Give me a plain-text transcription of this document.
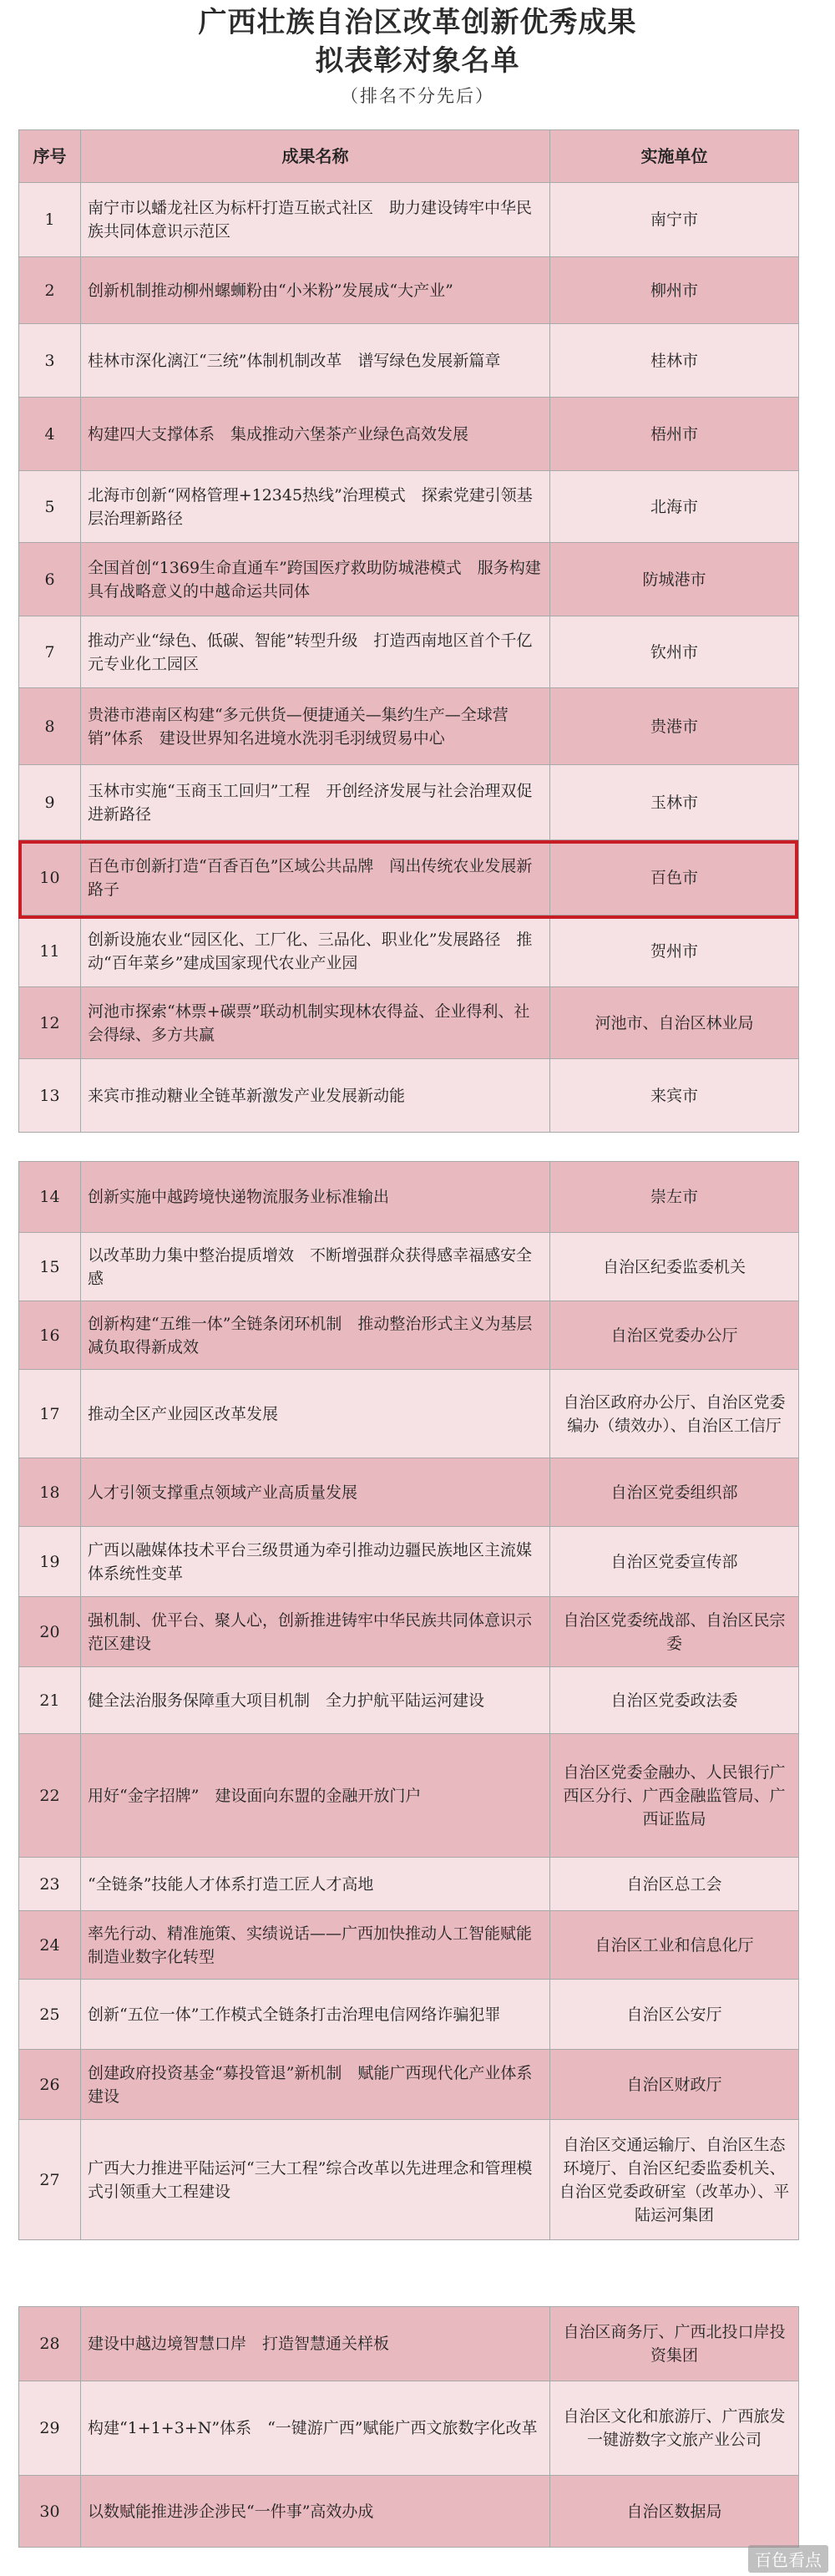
广西壮族自治区改革创新优秀成果
拟表彰对象名单
（排名不分先后）
序号	成果名称	实施单位
1	南宁市以蟠龙社区为标杆打造互嵌式社区　助力建设铸牢中华民族共同体意识示范区	南宁市
2	创新机制推动柳州螺蛳粉由“小米粉”发展成“大产业”	柳州市
3	桂林市深化漓江“三统”体制机制改革　谱写绿色发展新篇章	桂林市
4	构建四大支撑体系　集成推动六堡茶产业绿色高效发展	梧州市
5	北海市创新“网格管理+12345热线”治理模式　探索党建引领基层治理新路径	北海市
6	全国首创“1369生命直通车”跨国医疗救助防城港模式　服务构建具有战略意义的中越命运共同体	防城港市
7	推动产业“绿色、低碳、智能”转型升级　打造西南地区首个千亿元专业化工园区	钦州市
8	贵港市港南区构建“多元供货—便捷通关—集约生产—全球营销”体系　建设世界知名进境水洗羽毛羽绒贸易中心	贵港市
9	玉林市实施“玉商玉工回归”工程　开创经济发展与社会治理双促进新路径	玉林市
10	百色市创新打造“百香百色”区域公共品牌　闯出传统农业发展新路子	百色市
11	创新设施农业“园区化、工厂化、三品化、职业化”发展路径　推动“百年菜乡”建成国家现代农业产业园	贺州市
12	河池市探索“林票+碳票”联动机制实现林农得益、企业得利、社会得绿、多方共赢	河池市、自治区林业局
13	来宾市推动糖业全链革新激发产业发展新动能	来宾市
14	创新实施中越跨境快递物流服务业标准输出	崇左市
15	以改革助力集中整治提质增效　不断增强群众获得感幸福感安全感	自治区纪委监委机关
16	创新构建“五维一体”全链条闭环机制　推动整治形式主义为基层减负取得新成效	自治区党委办公厅
17	推动全区产业园区改革发展	自治区政府办公厅、自治区党委编办（绩效办）、自治区工信厅
18	人才引领支撑重点领域产业高质量发展	自治区党委组织部
19	广西以融媒体技术平台三级贯通为牵引推动边疆民族地区主流媒体系统性变革	自治区党委宣传部
20	强机制、优平台、聚人心，创新推进铸牢中华民族共同体意识示范区建设	自治区党委统战部、自治区民宗委
21	健全法治服务保障重大项目机制　全力护航平陆运河建设	自治区党委政法委
22	用好“金字招牌”　建设面向东盟的金融开放门户	自治区党委金融办、人民银行广西区分行、广西金融监管局、广西证监局
23	“全链条”技能人才体系打造工匠人才高地	自治区总工会
24	率先行动、精准施策、实绩说话——广西加快推动人工智能赋能制造业数字化转型	自治区工业和信息化厅
25	创新“五位一体”工作模式全链条打击治理电信网络诈骗犯罪	自治区公安厅
26	创建政府投资基金“募投管退”新机制　赋能广西现代化产业体系建设	自治区财政厅
27	广西大力推进平陆运河“三大工程”综合改革以先进理念和管理模式引领重大工程建设	自治区交通运输厅、自治区生态环境厅、自治区纪委监委机关、自治区党委政研室（改革办）、平陆运河集团
28	建设中越边境智慧口岸　打造智慧通关样板	自治区商务厅、广西北投口岸投资集团
29	构建“1+1+3+N”体系　“一键游广西”赋能广西文旅数字化改革	自治区文化和旅游厅、广西旅发一键游数字文旅产业公司
30	以数赋能推进涉企涉民“一件事”高效办成	自治区数据局
百色看点
